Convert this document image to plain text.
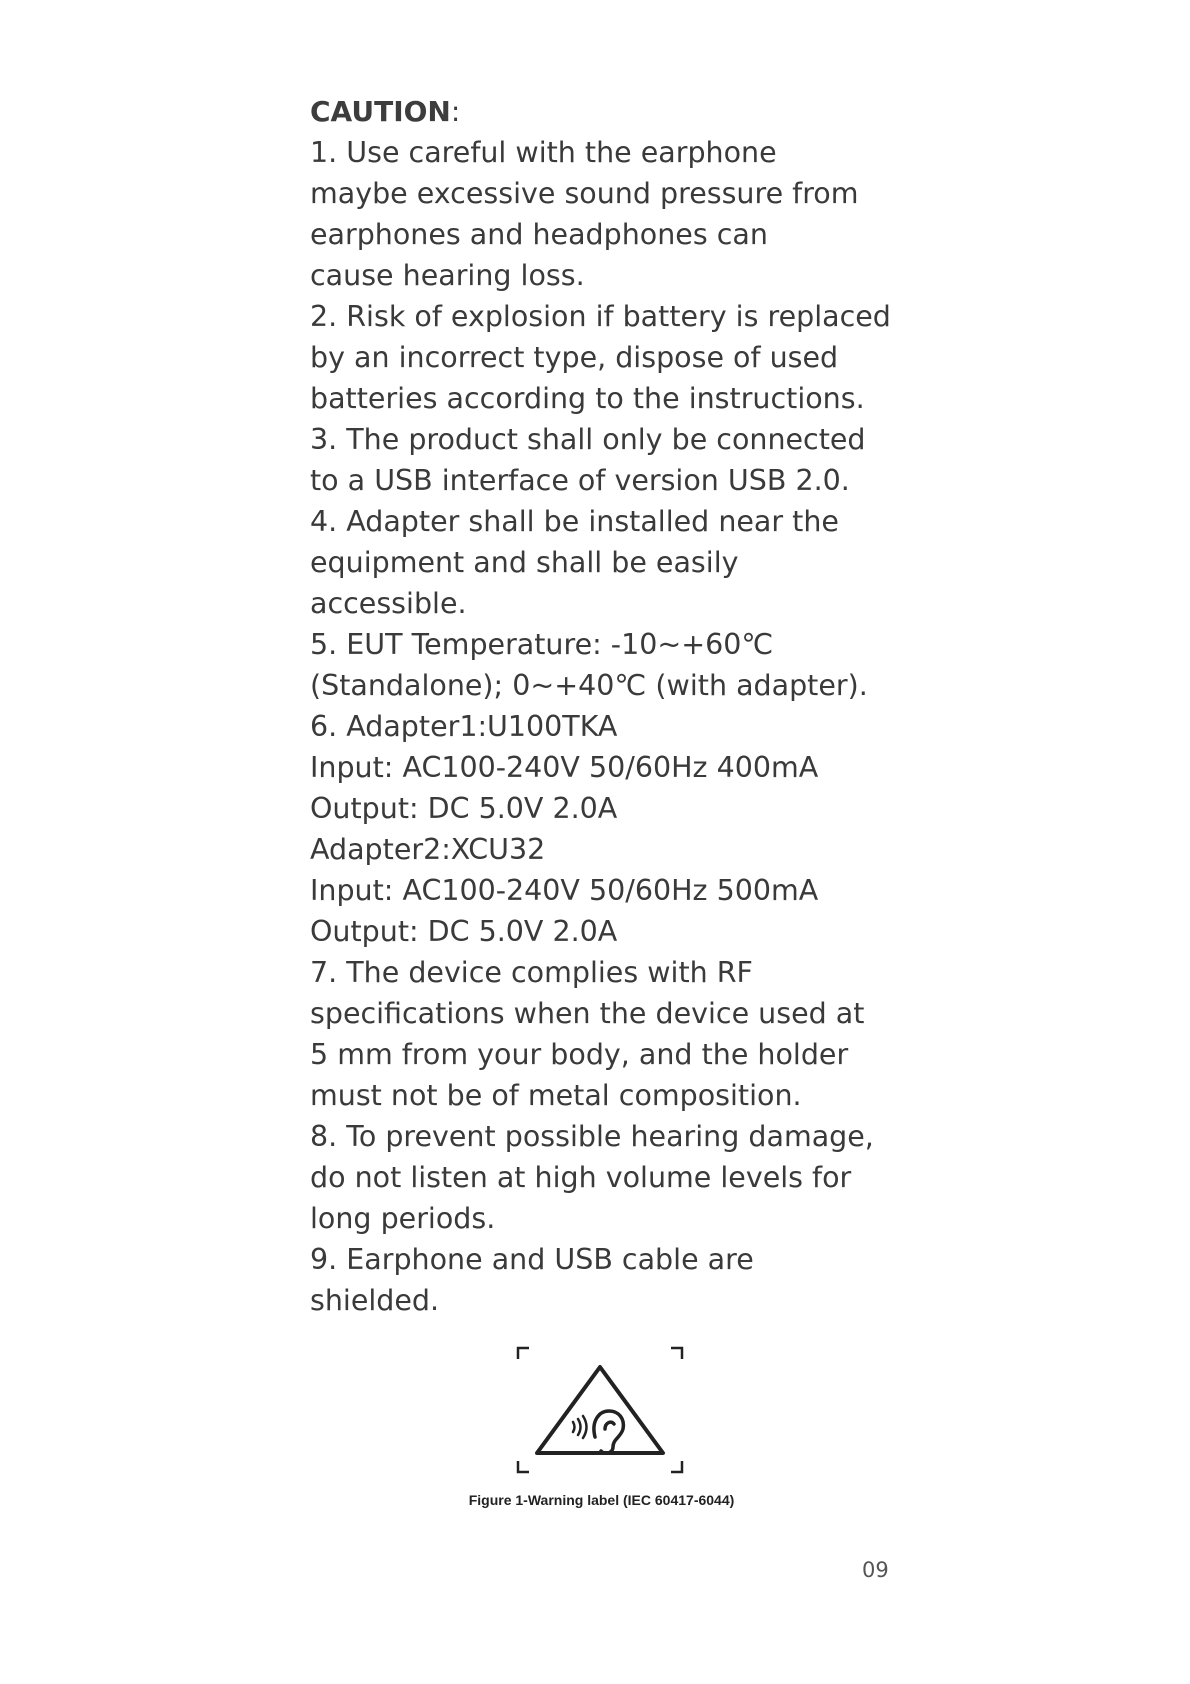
CAUTION:
1. Use careful with the earphone
maybe excessive sound pressure from
earphones and headphones can
cause hearing loss.
2. Risk of explosion if battery is replaced
by an incorrect type, dispose of used
batteries according to the instructions.
3. The product shall only be connected
to a USB interface of version USB 2.0.
4. Adapter shall be installed near the
equipment and shall be easily
accessible.
5. EUT Temperature: -10~+60℃
(Standalone); 0~+40℃ (with adapter).
6. Adapter1:U100TKA
Input: AC100-240V 50/60Hz 400mA
Output: DC 5.0V 2.0A
Adapter2:XCU32
Input: AC100-240V 50/60Hz 500mA
Output: DC 5.0V 2.0A
7. The device complies with RF
specifications when the device used at
5 mm from your body, and the holder
must not be of metal composition.
8. To prevent possible hearing damage,
do not listen at high volume levels for
long periods.
9. Earphone and USB cable are
shielded.
Figure 1-Warning label (IEC 60417-6044)
09
